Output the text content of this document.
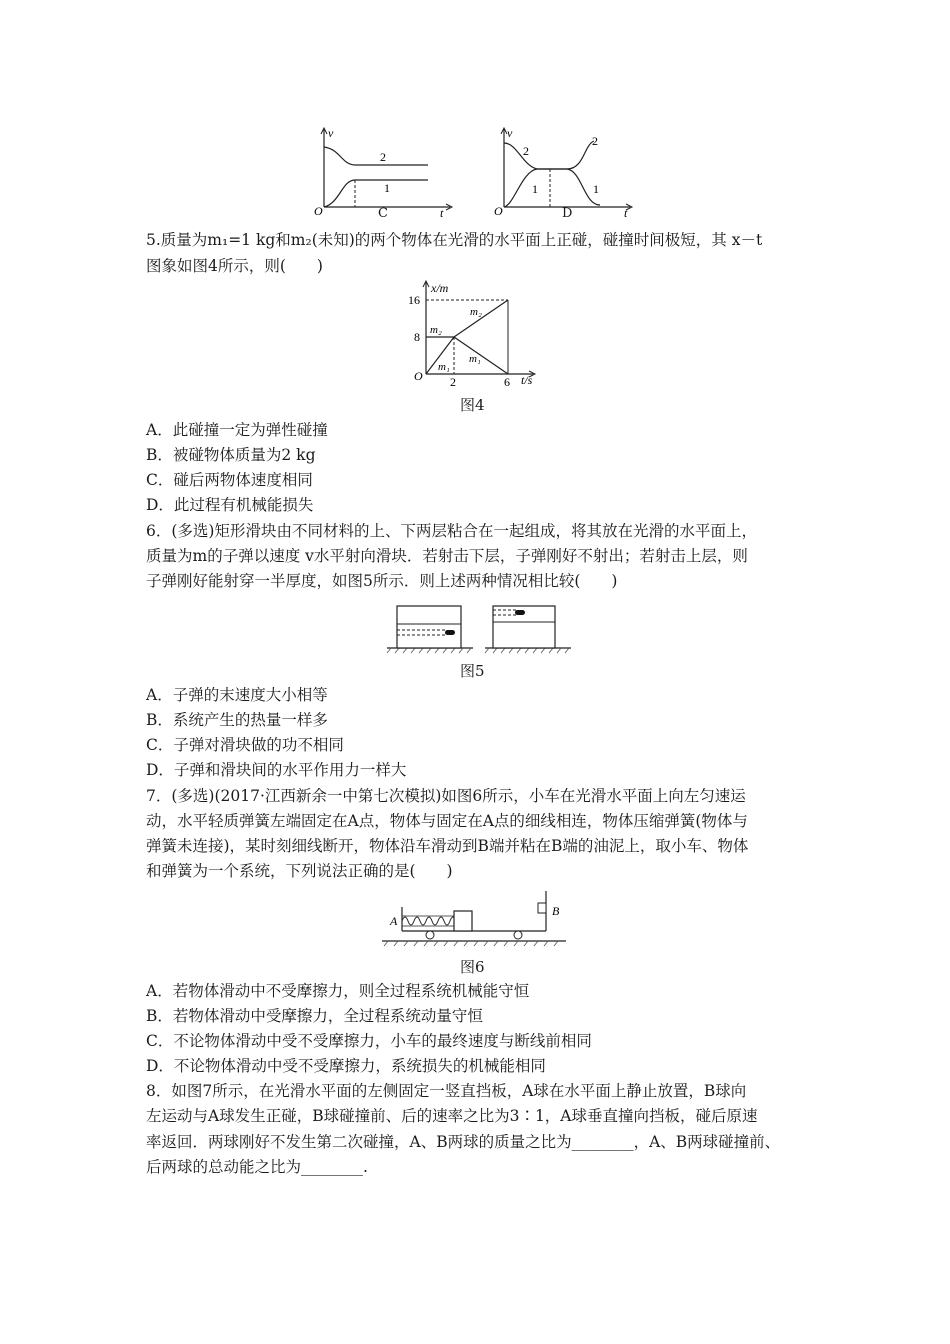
v
O	t
2
1
C
v
O	t
2
2
1	1
D
5.质量为m₁=1 kg和m₂(未知)的两个物体在光滑的水平面上正碰，碰撞时间极短，其 x－t
图象如图4所示，则(　　)
x/m
t/s
O
16
8
2	6
m₂
m₂
m₁
m₁
图4
A．此碰撞一定为弹性碰撞
B．被碰物体质量为2 kg
C．碰后两物体速度相同
D．此过程有机械能损失
6．(多选)矩形滑块由不同材料的上、下两层粘合在一起组成，将其放在光滑的水平面上，
质量为m的子弹以速度 v水平射向滑块．若射击下层，子弹刚好不射出；若射击上层，则
子弹刚好能射穿一半厚度，如图5所示．则上述两种情况相比较(　　)
图5
A．子弹的末速度大小相等
B．系统产生的热量一样多
C．子弹对滑块做的功不相同
D．子弹和滑块间的水平作用力一样大
7．(多选)(2017·江西新余一中第七次模拟)如图6所示，小车在光滑水平面上向左匀速运
动，水平轻质弹簧左端固定在A点，物体与固定在A点的细线相连，物体压缩弹簧(物体与
弹簧未连接)，某时刻细线断开，物体沿车滑动到B端并粘在B端的油泥上，取小车、物体
和弹簧为一个系统，下列说法正确的是(　　)
A
B
图6
A．若物体滑动中不受摩擦力，则全过程系统机械能守恒
B．若物体滑动中受摩擦力，全过程系统动量守恒
C．不论物体滑动中受不受摩擦力，小车的最终速度与断线前相同
D．不论物体滑动中受不受摩擦力，系统损失的机械能相同
8．如图7所示，在光滑水平面的左侧固定一竖直挡板，A球在水平面上静止放置，B球向
左运动与A球发生正碰，B球碰撞前、后的速率之比为3∶1，A球垂直撞向挡板，碰后原速
率返回．两球刚好不发生第二次碰撞，A、B两球的质量之比为________，A、B两球碰撞前、
后两球的总动能之比为________.
